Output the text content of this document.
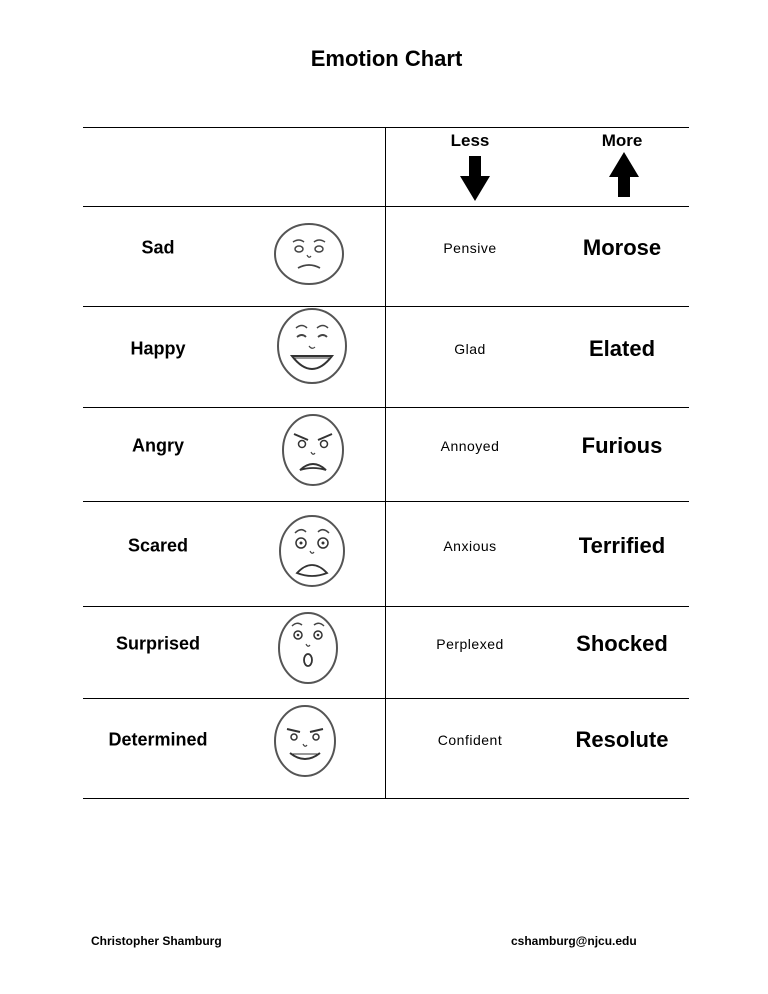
Emotion Chart
Less	More
Sad	Pensive	Morose
Happy	Glad	Elated
Angry	Annoyed	Furious
Scared	Anxious	Terrified
Surprised	Perplexed	Shocked
Determined	Confident	Resolute
Christopher Shamburg	cshamburg@njcu.edu
